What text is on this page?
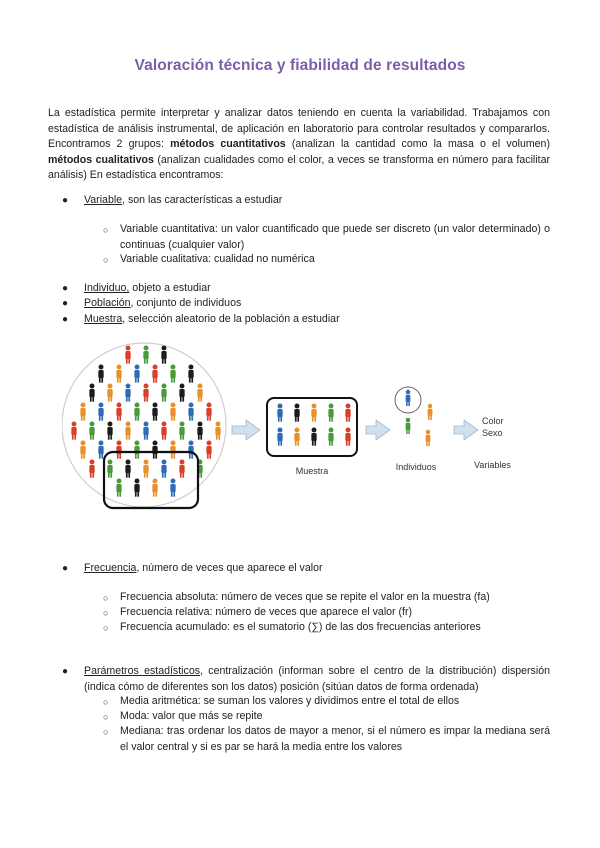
Valoración técnica y fiabilidad de resultados
La estadística permite interpretar y analizar datos teniendo en cuenta la variabilidad. Trabajamos con estadística de análisis instrumental, de aplicación en laboratorio para controlar resultados y compararlos. Encontramos 2 grupos: métodos cuantitativos (analizan la cantidad como la masa o el volumen) métodos cualitativos (analizan cualidades como el color, a veces se transforma en número para facilitar análisis) En estadística encontramos:
● Variable, son las características a estudiar
○ Variable cuantitativa: un valor cuantificado que puede ser discreto (un valor determinado) o continuas (cualquier valor)
○ Variable cualitativa: cualidad no numérica
● Individuo, objeto a estudiar
● Población, conjunto de individuos
● Muestra, selección aleatorio de la población a estudiar
Muestra	Individuos
Color
Sexo
Variables
● Frecuencia, número de veces que aparece el valor
○ Frecuencia absoluta: número de veces que se repite el valor en la muestra (fa)
○ Frecuencia relativa: número de veces que aparece el valor (fr)
○ Frecuencia acumulado: es el sumatorio (∑) de las dos frecuencias anteriores
● Parámetros estadísticos, centralización (informan sobre el centro de la distribución) dispersión (indica cómo de diferentes son los datos) posición (sitúan datos de forma ordenada)
○ Media aritmética: se suman los valores y dividimos entre el total de ellos
○ Moda: valor que más se repite
○ Mediana: tras ordenar los datos de mayor a menor, si el número es impar la mediana será el valor central y si es par se hará la media entre los valores
